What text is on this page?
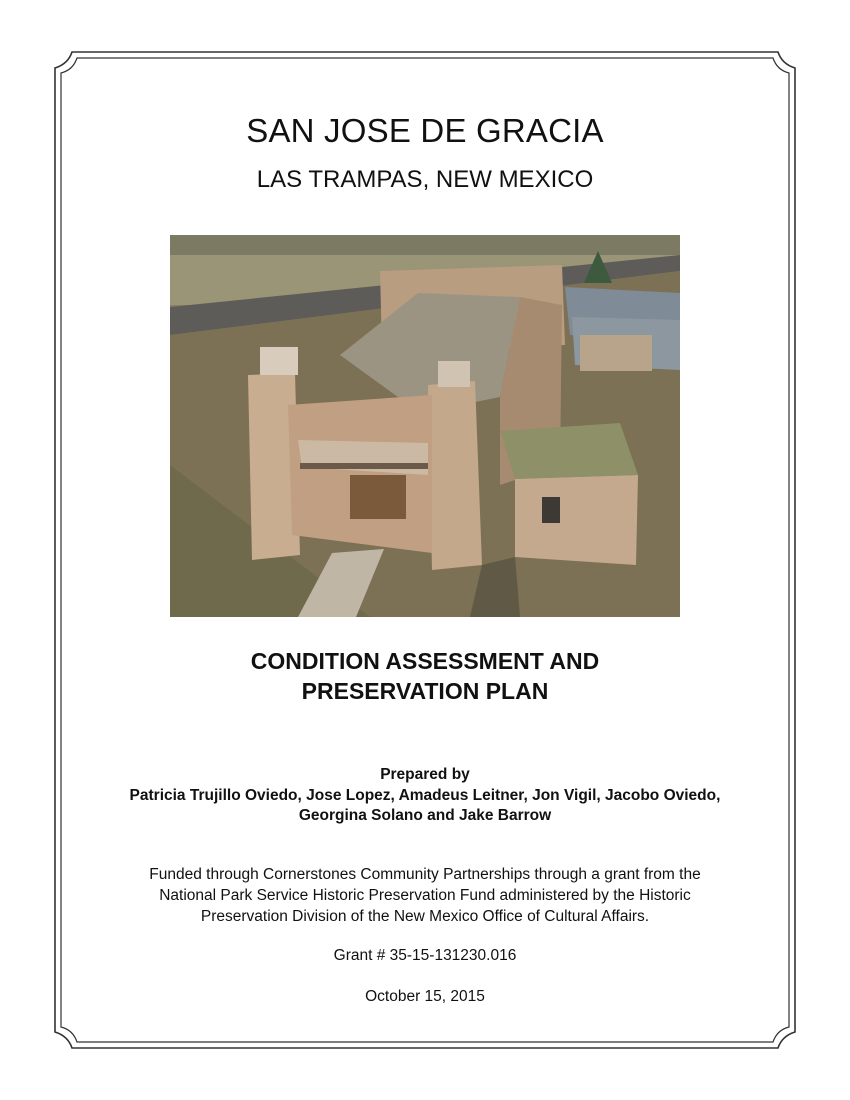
SAN JOSE DE GRACIA
LAS TRAMPAS, NEW MEXICO
CONDITION ASSESSMENT AND
PRESERVATION PLAN
Prepared by
Patricia Trujillo Oviedo, Jose Lopez, Amadeus Leitner, Jon Vigil, Jacobo Oviedo,
Georgina Solano and Jake Barrow
Funded through Cornerstones Community Partnerships through a grant from the
National Park Service Historic Preservation Fund administered by the Historic
Preservation Division of the New Mexico Office of Cultural Affairs.
Grant # 35-15-131230.016
October 15, 2015
